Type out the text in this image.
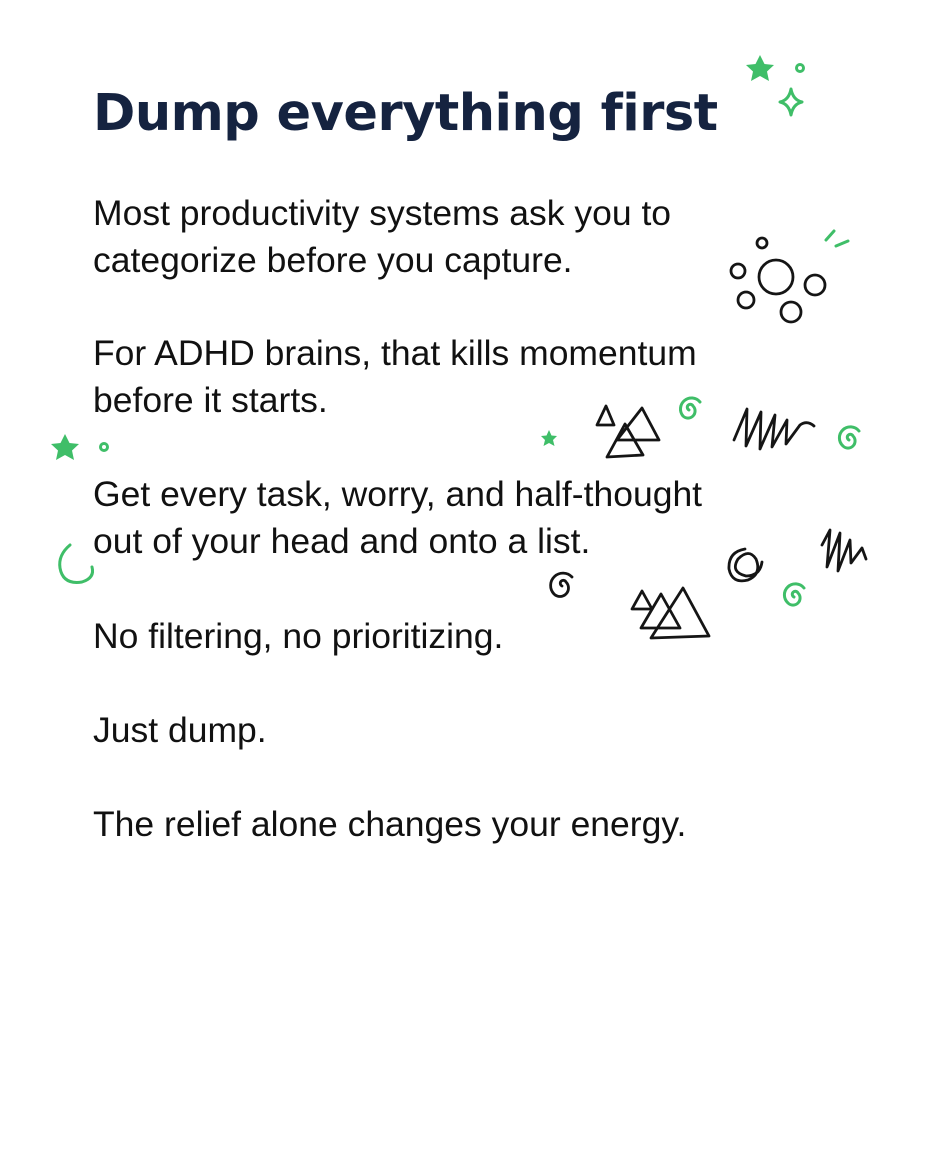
Dump everything first

Most productivity systems ask you to
categorize before you capture.

For ADHD brains, that kills momentum
before it starts.

Get every task, worry, and half-thought
out of your head and onto a list.

No filtering, no prioritizing.

Just dump.

The relief alone changes your energy.
